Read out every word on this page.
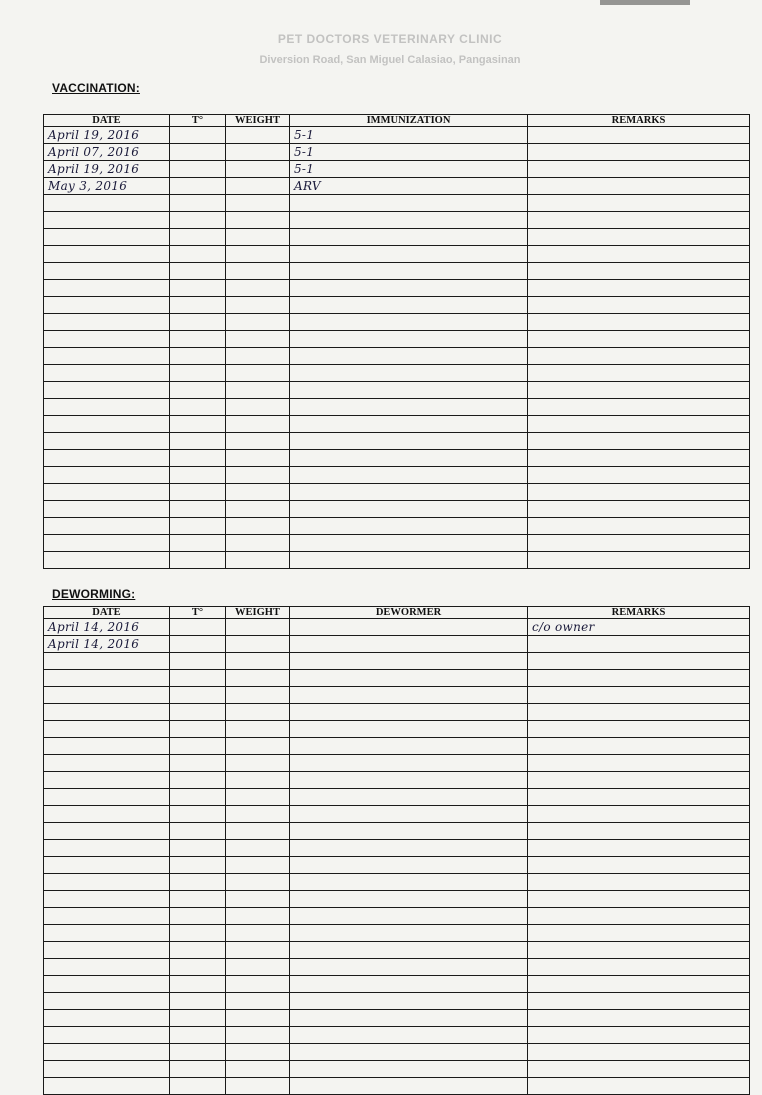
PET DOCTORS VETERINARY CLINIC
Diversion Road, San Miguel Calasiao, Pangasinan
VACCINATION:
DATE	T°	WEIGHT	IMMUNIZATION	REMARKS
April 19, 2016			5-1	
April 07, 2016			5-1	
April 19, 2016			5-1	
May 3, 2016			ARV	

DEWORMING:
DATE	T°	WEIGHT	DEWORMER	REMARKS
April 14, 2016				c/o owner
April 14, 2016				
